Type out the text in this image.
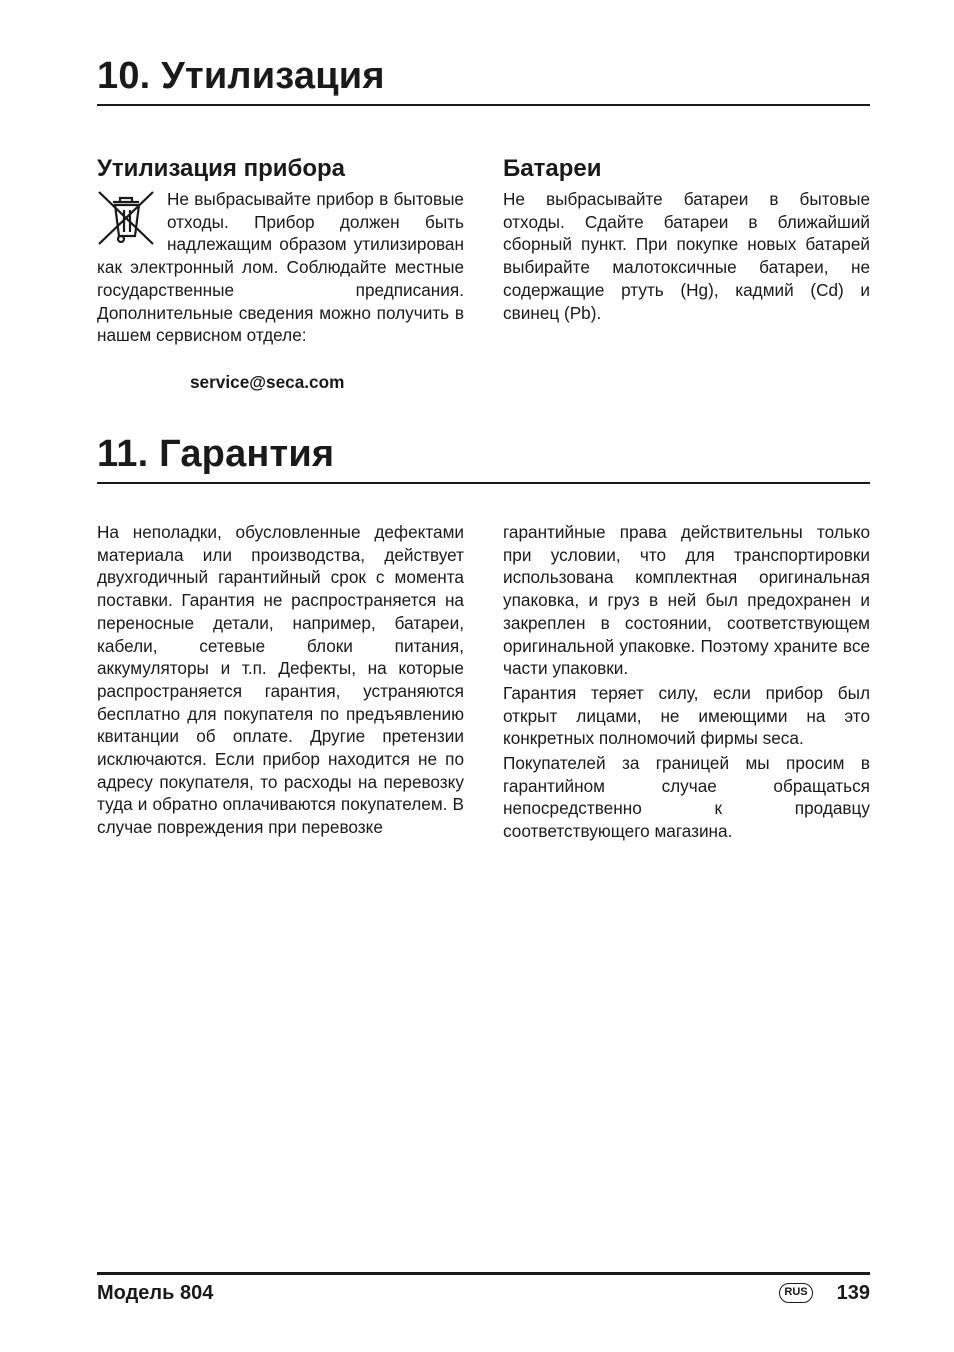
10. Утилизация
Утилизация прибора
Не выбрасывайте прибор в бытовые отходы. Прибор должен быть надлежащим образом утилизирован как электронный лом. Соблюдайте местные государственные предписания. Дополнительные сведения можно получить в нашем сервисном отделе:
service@seca.com
Батареи
Не выбрасывайте батареи в бытовые отходы. Сдайте батареи в ближайший сборный пункт. При покупке новых батарей выбирайте малотоксичные батареи, не содержащие ртуть (Hg), кадмий (Cd) и свинец (Pb).
11. Гарантия

На неполадки, обусловленные дефектами материала или производства, действует двухгодичный гарантийный срок с момента поставки. Гарантия не распространяется на переносные детали, например, батареи, кабели, сетевые блоки питания, аккумуляторы и т.п. Дефекты, на которые распространяется гарантия, устраняются бесплатно для покупателя по предъявлению квитанции об оплате. Другие претензии исключаются. Если прибор находится не по адресу покупателя, то расходы на перевозку туда и обратно оплачиваются покупателем. В случае повреждения при перевозке

гарантийные права действительны только при условии, что для транспортировки использована комплектная оригинальная упаковка, и груз в ней был предохранен и закреплен в состоянии, соответствующем оригинальной упаковке. Поэтому храните все части упаковки.

Гарантия теряет силу, если прибор был открыт лицами, не имеющими на это конкретных полномочий фирмы seca.

Покупателей за границей мы просим в гарантийном случае обращаться непосредственно к продавцу соответствующего магазина.

Модель 804	RUS 139
